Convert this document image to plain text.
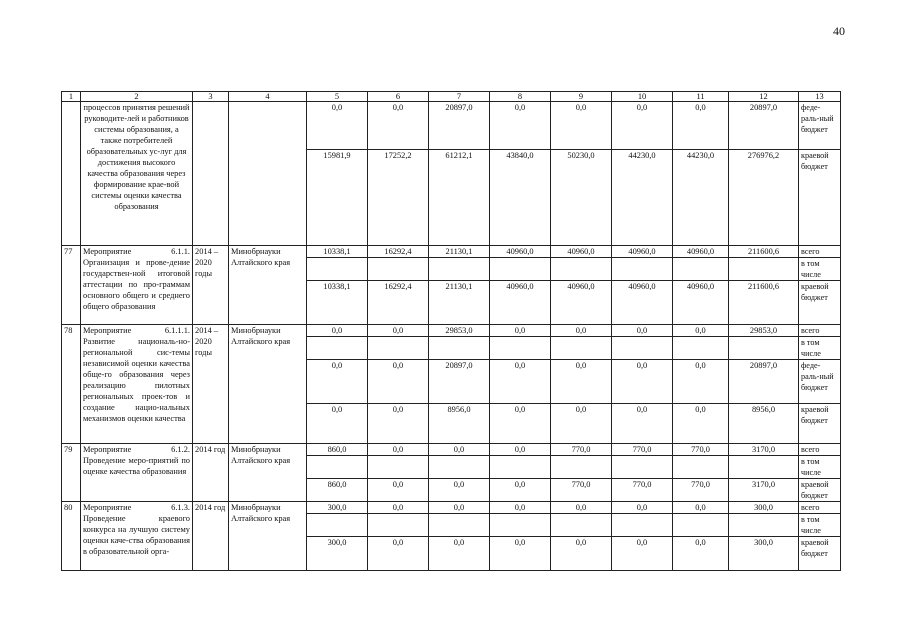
40
1	2	3	4	5	6	7	8	9	10	11	12	13
	процессов принятия решений руководите-лей и работников системы образования, а также потребителей образовательных ус-луг для достижения высокого качества образования через формирование крае-вой системы оценки качества образования			0,0	0,0	20897,0	0,0	0,0	0,0	0,0	20897,0	феде-раль-ный бюджет
				15981,9	17252,2	61212,1	43840,0	50230,0	44230,0	44230,0	276976,2	краевой бюджет
77	Мероприятие 6.1.1. Организация и прове-дение государствен-ной итоговой аттестации по про-граммам основного общего и среднего общего образования	2014 – 2020 годы	Минобрнауки Алтайского края	10338,1	16292,4	21130,1	40960,0	40960,0	40960,0	40960,0	211600,6	всего
												в том числе
				10338,1	16292,4	21130,1	40960,0	40960,0	40960,0	40960,0	211600,6	краевой бюджет
78	Мероприятие 6.1.1.1. Развитие националь-но-региональной сис-темы независимой оценки качества обще-го образования через реализацию пилотных региональных проек-тов и создание нацио-нальных механизмов оценки качества	2014 – 2020 годы	Минобрнауки Алтайского края	0,0	0,0	29853,0	0,0	0,0	0,0	0,0	29853,0	всего
												в том числе
				0,0	0,0	20897,0	0,0	0,0	0,0	0,0	20897,0	феде-раль-ный бюджет
				0,0	0,0	8956,0	0,0	0,0	0,0	0,0	8956,0	краевой бюджет
79	Мероприятие 6.1.2. Проведение меро-приятий по оценке качества образования	2014 год	Минобрнауки Алтайского края	860,0	0,0	0,0	0,0	770,0	770,0	770,0	3170,0	всего
												в том числе
				860,0	0,0	0,0	0,0	770,0	770,0	770,0	3170,0	краевой бюджет
80	Мероприятие 6.1.3. Проведение краевого конкурса на лучшую систему оценки каче-ства образования в образовательной орга-	2014 год	Минобрнауки Алтайского края	300,0	0,0	0,0	0,0	0,0	0,0	0,0	300,0	всего
												в том числе
				300,0	0,0	0,0	0,0	0,0	0,0	0,0	300,0	краевой бюджет
